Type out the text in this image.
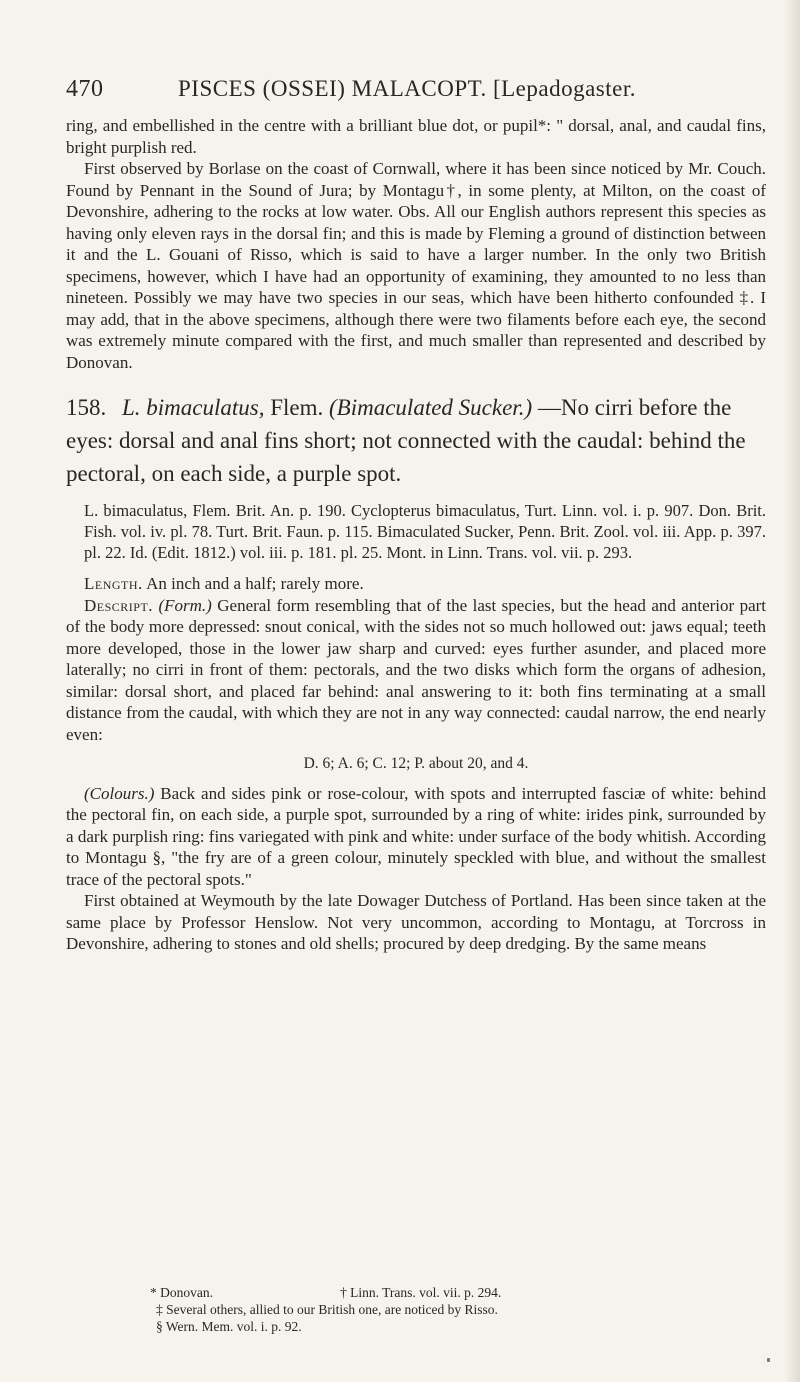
470	PISCES (OSSEI) MALACOPT. [Lepadogaster.

ring, and embellished in the centre with a brilliant blue dot, or pupil*: " dorsal, anal, and caudal fins, bright purplish red.

First observed by Borlase on the coast of Cornwall, where it has been since noticed by Mr. Couch. Found by Pennant in the Sound of Jura; by Montagu†, in some plenty, at Milton, on the coast of Devonshire, adhering to the rocks at low water. Obs. All our English authors represent this species as having only eleven rays in the dorsal fin; and this is made by Fleming a ground of distinction between it and the L. Gouani of Risso, which is said to have a larger number. In the only two British specimens, however, which I have had an opportunity of examining, they amounted to no less than nineteen. Possibly we may have two species in our seas, which have been hitherto confounded ‡. I may add, that in the above specimens, although there were two filaments before each eye, the second was extremely minute compared with the first, and much smaller than represented and described by Donovan.

158. L. bimaculatus, Flem. (Bimaculated Sucker.) —No cirri before the eyes: dorsal and anal fins short; not connected with the caudal: behind the pectoral, on each side, a purple spot.

L. bimaculatus, Flem. Brit. An. p. 190. Cyclopterus bimaculatus, Turt. Linn. vol. i. p. 907. Don. Brit. Fish. vol. iv. pl. 78. Turt. Brit. Faun. p. 115. Bimaculated Sucker, Penn. Brit. Zool. vol. iii. App. p. 397. pl. 22. Id. (Edit. 1812.) vol. iii. p. 181. pl. 25. Mont. in Linn. Trans. vol. vii. p. 293.

Length. An inch and a half; rarely more.

Descript. (Form.) General form resembling that of the last species, but the head and anterior part of the body more depressed: snout conical, with the sides not so much hollowed out: jaws equal; teeth more developed, those in the lower jaw sharp and curved: eyes further asunder, and placed more laterally; no cirri in front of them: pectorals, and the two disks which form the organs of adhesion, similar: dorsal short, and placed far behind: anal answering to it: both fins terminating at a small distance from the caudal, with which they are not in any way connected: caudal narrow, the end nearly even:

D. 6; A. 6; C. 12; P. about 20, and 4.

(Colours.) Back and sides pink or rose-colour, with spots and interrupted fasciæ of white: behind the pectoral fin, on each side, a purple spot, surrounded by a ring of white: irides pink, surrounded by a dark purplish ring: fins variegated with pink and white: under surface of the body whitish. According to Montagu §, "the fry are of a green colour, minutely speckled with blue, and without the smallest trace of the pectoral spots."

First obtained at Weymouth by the late Dowager Dutchess of Portland. Has been since taken at the same place by Professor Henslow. Not very uncommon, according to Montagu, at Torcross in Devonshire, adhering to stones and old shells; procured by deep dredging. By the same means

* Donovan.	† Linn. Trans. vol. vii. p. 294.
‡ Several others, allied to our British one, are noticed by Risso.
§ Wern. Mem. vol. i. p. 92.
